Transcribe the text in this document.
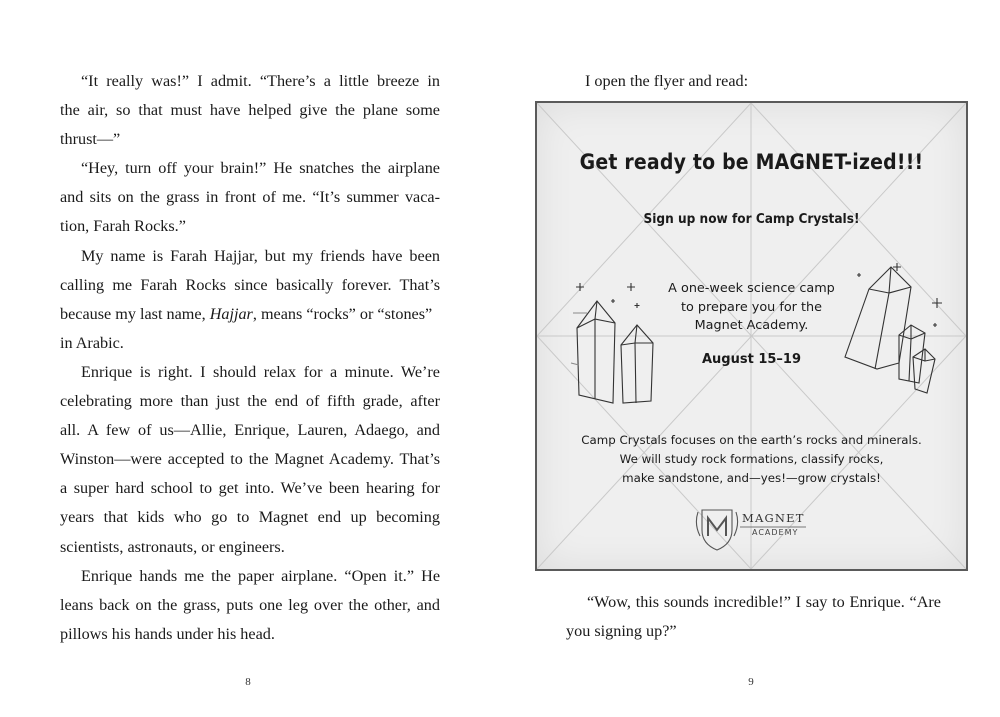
“It really was!” I admit. “There’s a little breeze in
the air, so that must have helped give the plane some
thrust—”
“Hey, turn off your brain!” He snatches the airplane
and sits on the grass in front of me. “It’s summer vaca-
tion, Farah Rocks.”
My name is Farah Hajjar, but my friends have been
calling me Farah Rocks since basically forever. That’s
because my last name, Hajjar, means “rocks” or “stones”
in Arabic.
Enrique is right. I should relax for a minute. We’re
celebrating more than just the end of fifth grade, after
all. A few of us—Allie, Enrique, Lauren, Adaego, and
Winston—were accepted to the Magnet Academy. That’s
a super hard school to get into. We’ve been hearing for
years that kids who go to Magnet end up becoming
scientists, astronauts, or engineers.
Enrique hands me the paper airplane. “Open it.” He
leans back on the grass, puts one leg over the other, and
pillows his hands under his head.
8
I open the flyer and read:
Get ready to be MAGNET-ized!!!
Sign up now for Camp Crystals!
A one-week science camp
to prepare you for the
Magnet Academy.
August 15–19
Camp Crystals focuses on the earth’s rocks and minerals.
We will study rock formations, classify rocks,
make sandstone, and—yes!—grow crystals!
MAGNET
ACADEMY
“Wow, this sounds incredible!” I say to Enrique. “Are
you signing up?”
9
